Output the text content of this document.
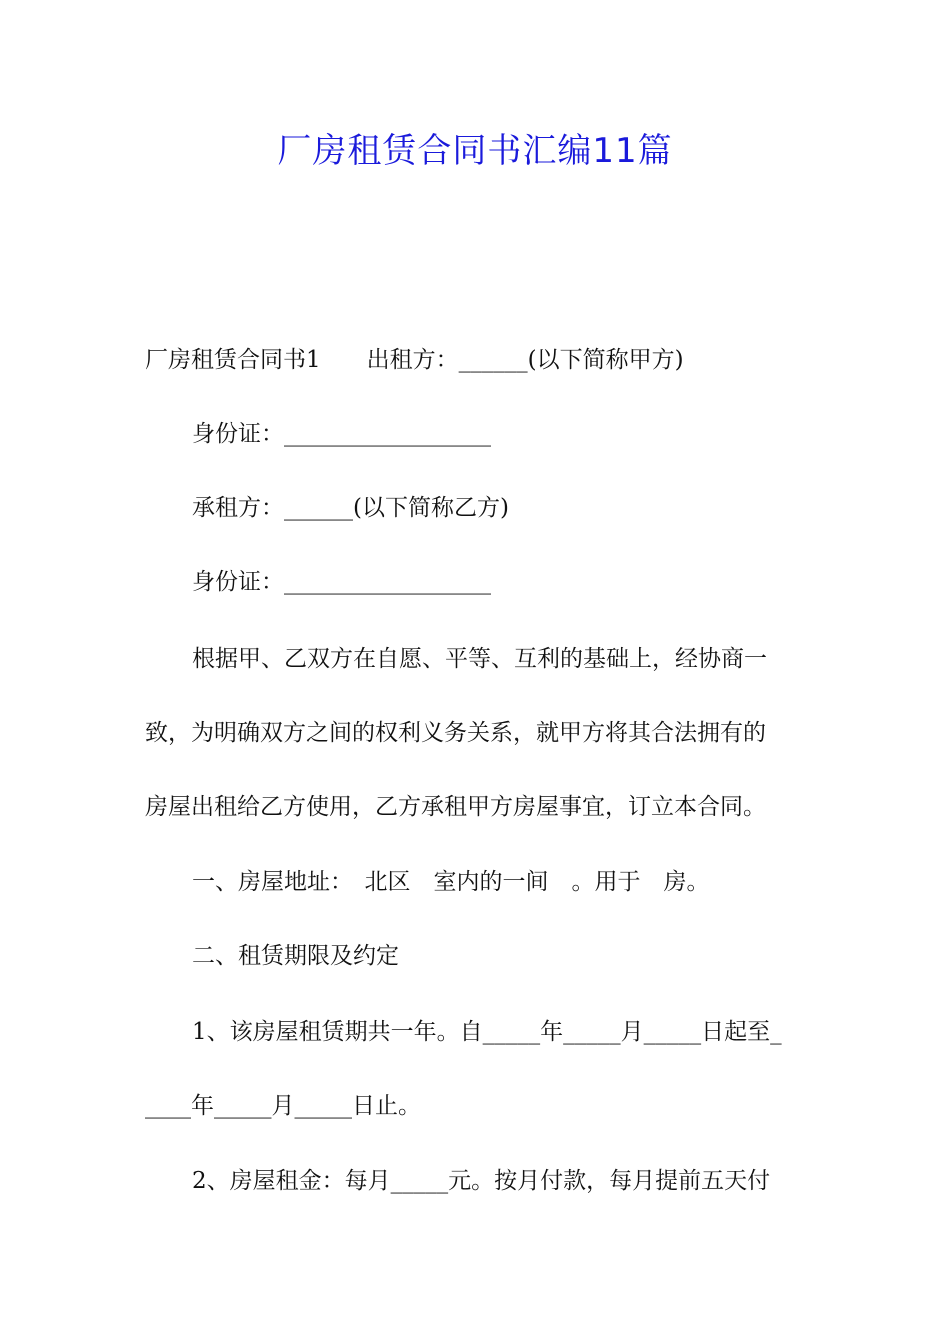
厂房租赁合同书汇编11篇

厂房租赁合同书1　　出租方：______(以下简称甲方)

身份证：__________________

承租方：______(以下简称乙方)

身份证：__________________

根据甲、乙双方在自愿、平等、互利的基础上，经协商一

致，为明确双方之间的权利义务关系，就甲方将其合法拥有的

房屋出租给乙方使用，乙方承租甲方房屋事宜，订立本合同。

一、房屋地址：　北区　室内的一间　。用于　房。

二、租赁期限及约定

1、该房屋租赁期共一年。自_____年_____月_____日起至_

____年_____月_____日止。

2、房屋租金：每月_____元。按月付款，每月提前五天付
